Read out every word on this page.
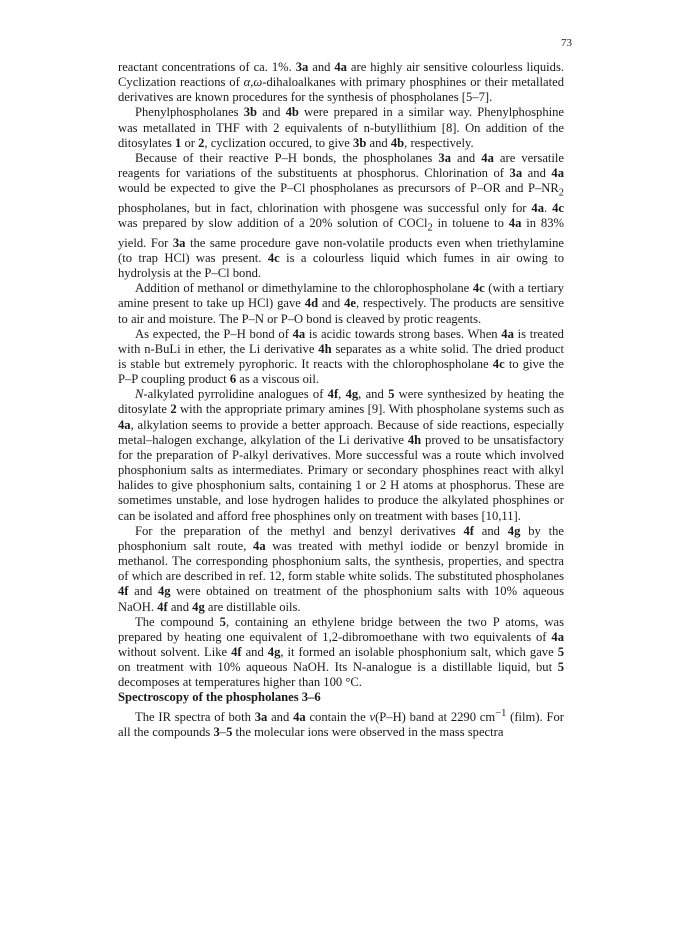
73

reactant concentrations of ca. 1%. 3a and 4a are highly air sensitive colourless liquids. Cyclization reactions of α,ω-dihaloalkanes with primary phosphines or their metallated derivatives are known procedures for the synthesis of phospholanes [5–7].

Phenylphospholanes 3b and 4b were prepared in a similar way. Phenylphosphine was metallated in THF with 2 equivalents of n-butyllithium [8]. On addition of the ditosylates 1 or 2, cyclization occured, to give 3b and 4b, respectively.

Because of their reactive P–H bonds, the phospholanes 3a and 4a are versatile reagents for variations of the substituents at phosphorus. Chlorination of 3a and 4a would be expected to give the P–Cl phospholanes as precursors of P–OR and $P-NR_2$ phospholanes, but in fact, chlorination with phosgene was successful only for 4a. 4c was prepared by slow addition of a 20% solution of COCl$_2$ in toluene to 4a in 83% yield. For 3a the same procedure gave non-volatile products even when triethylamine (to trap HCl) was present. 4c is a colourless liquid which fumes in air owing to hydrolysis at the P–Cl bond.

Addition of methanol or dimethylamine to the chlorophospholane 4c (with a tertiary amine present to take up HCl) gave 4d and 4e, respectively. The products are sensitive to air and moisture. The P–N or P–O bond is cleaved by protic reagents.

As expected, the P–H bond of 4a is acidic towards strong bases. When 4a is treated with n-BuLi in ether, the Li derivative 4h separates as a white solid. The dried product is stable but extremely pyrophoric. It reacts with the chlorophospholane 4c to give the P–P coupling product 6 as a viscous oil.

N-alkylated pyrrolidine analogues of 4f, 4g, and 5 were synthesized by heating the ditosylate 2 with the appropriate primary amines [9]. With phospholane systems such as 4a, alkylation seems to provide a better approach. Because of side reactions, especially metal–halogen exchange, alkylation of the Li derivative 4h proved to be unsatisfactory for the preparation of P-alkyl derivatives. More successful was a route which involved phosphonium salts as intermediates. Primary or secondary phosphines react with alkyl halides to give phosphonium salts, containing 1 or 2 H atoms at phosphorus. These are sometimes unstable, and lose hydrogen halides to produce the alkylated phosphines or can be isolated and afford free phosphines only on treatment with bases [10,11].

For the preparation of the methyl and benzyl derivatives 4f and 4g by the phosphonium salt route, 4a was treated with methyl iodide or benzyl bromide in methanol. The corresponding phosphonium salts, the synthesis, properties, and spectra of which are described in ref. 12, form stable white solids. The substituted phospholanes 4f and 4g were obtained on treatment of the phosphonium salts with 10% aqueous NaOH. 4f and 4g are distillable oils.

The compound 5, containing an ethylene bridge between the two P atoms, was prepared by heating one equivalent of 1,2-dibromoethane with two equivalents of 4a without solvent. Like 4f and 4g, it formed an isolable phosphonium salt, which gave 5 on treatment with 10% aqueous NaOH. Its N-analogue is a distillable liquid, but 5 decomposes at temperatures higher than 100 °C.

Spectroscopy of the phospholanes 3–6

The IR spectra of both 3a and 4a contain the ν(P–H) band at 2290 $cm^{-1}$ (film). For all the compounds 3–5 the molecular ions were observed in the mass spectra
